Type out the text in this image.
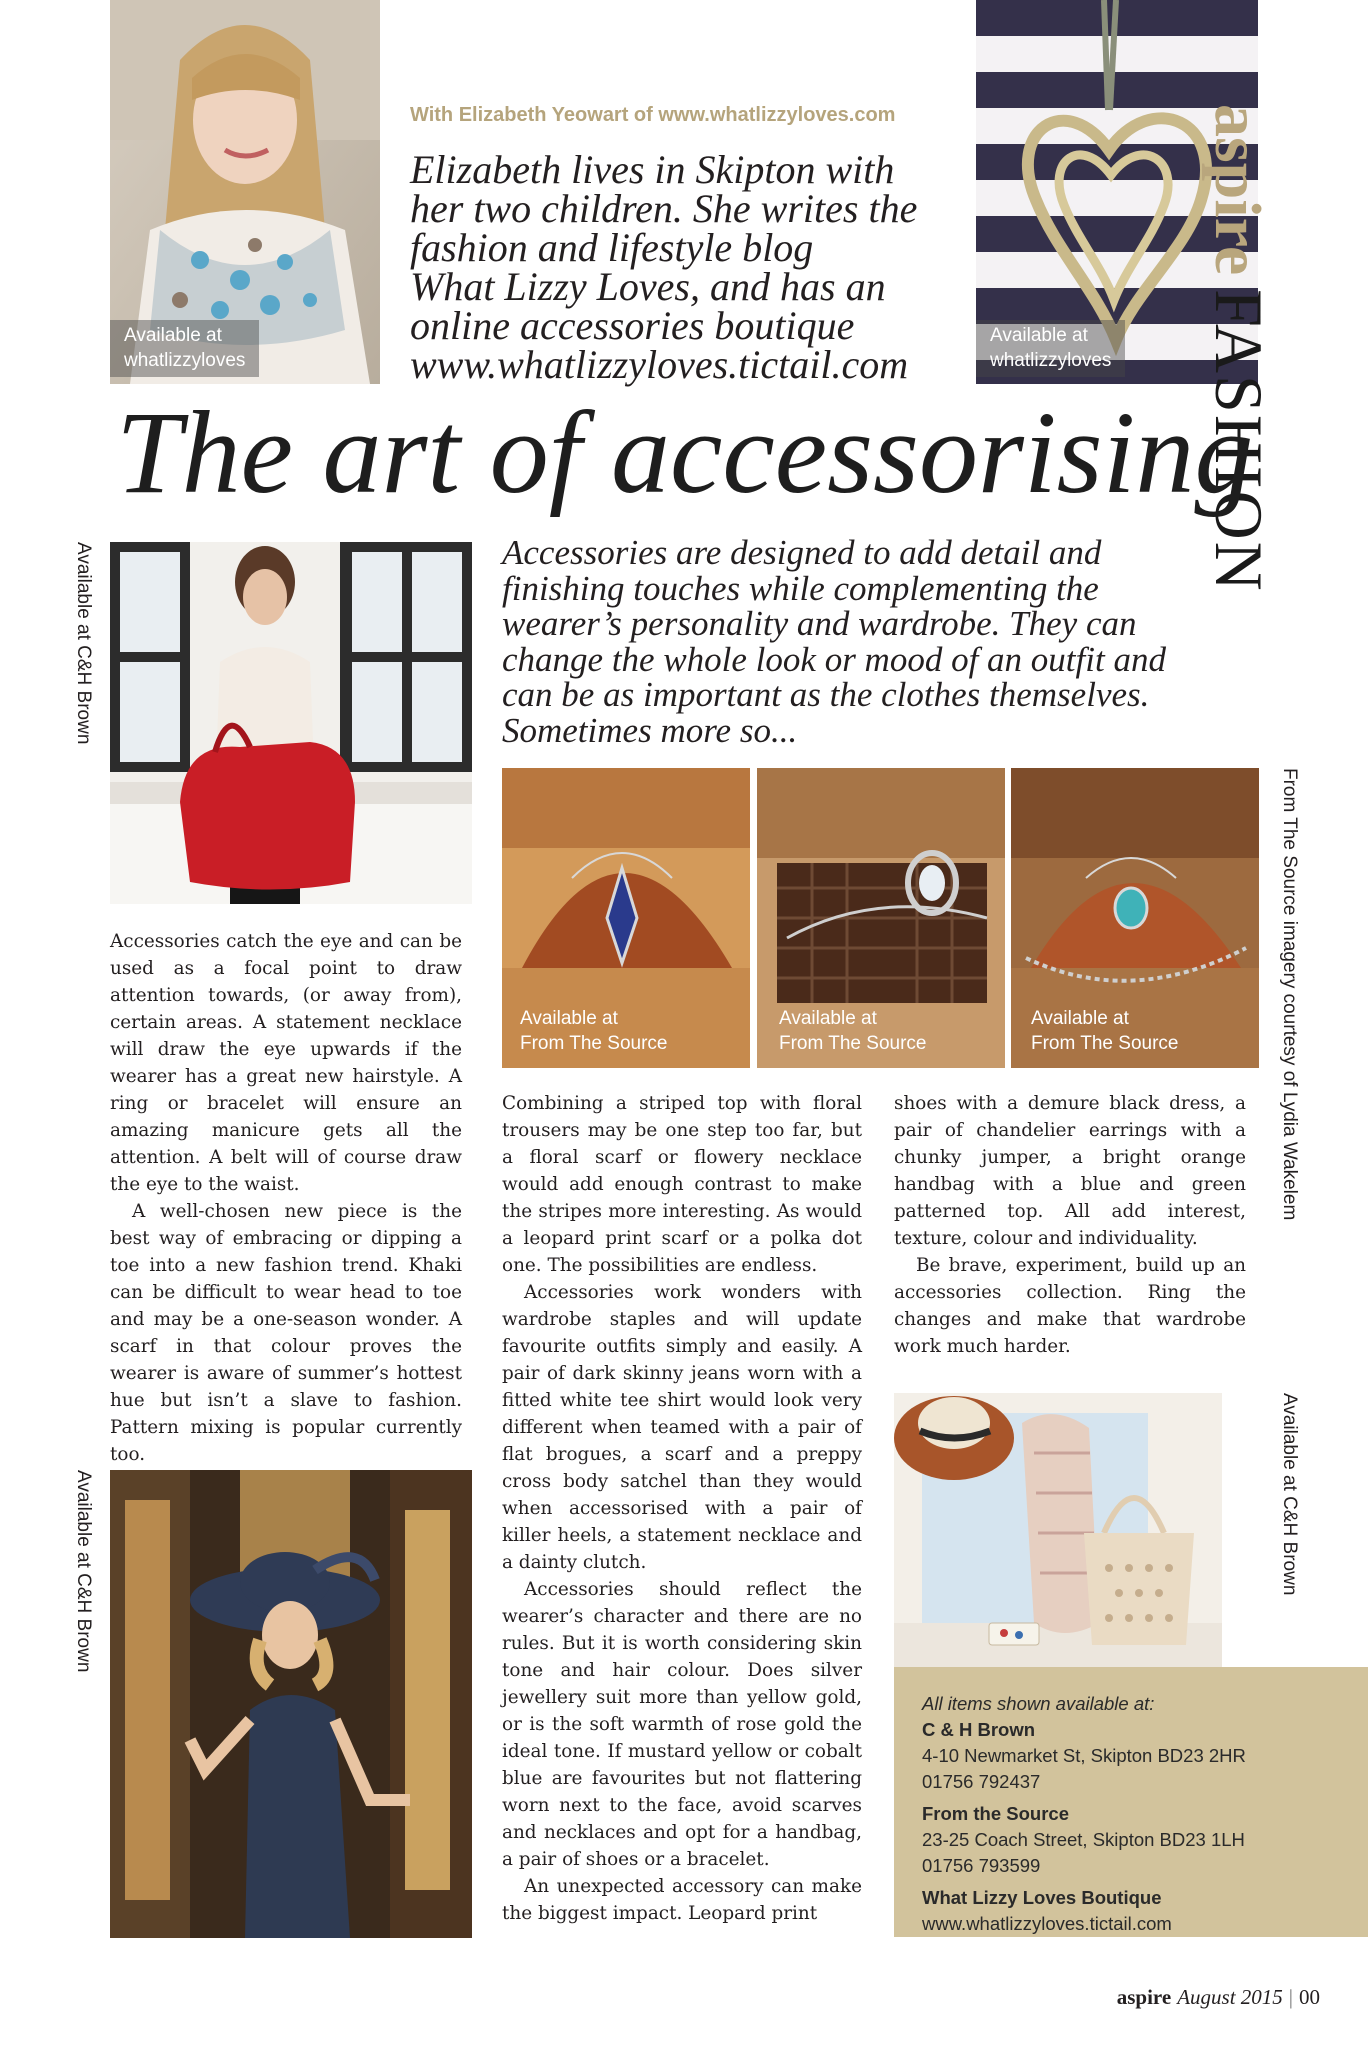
Available at
whatlizzyloves
With Elizabeth Yeowart of www.whatlizzyloves.com
Elizabeth lives in Skipton with
her two children. She writes the
fashion and lifestyle blog
What Lizzy Loves, and has an
online accessories boutique
www.whatlizzyloves.tictail.com
Available at
whatlizzyloves
aspireFASHION
The art of accessorising
Available at C&H Brown	Accessories are designed to add detail and
finishing touches while complementing the
wearer’s personality and wardrobe. They can
change the whole look or mood of an outfit and
can be as important as the clothes themselves.
Sometimes more so...
Available at
From The Source
Available at
From The Source
Available at
From The Source	From The Source imagery courtesy of Lydia Wakelem

Accessories catch the eye and can be used as a focal point to draw attention towards, (or away from), certain areas. A statement necklace will draw the eye upwards if the wearer has a great new hairstyle. A ring or bracelet will ensure an amazing manicure gets all the attention. A belt will of course draw the eye to the waist.

A well-chosen new piece is the best way of embracing or dipping a toe into a new fashion trend. Khaki can be difficult to wear head to toe and may be a one-season wonder. A scarf in that colour proves the wearer is aware of summer’s hottest hue but isn’t a slave to fashion. Pattern mixing is popular currently too.

Available at C&H Brown

Combining a striped top with floral trousers may be one step too far, but a floral scarf or flowery necklace would add enough contrast to make the stripes more interesting. As would a leopard print scarf or a polka dot one. The possibilities are endless.

Accessories work wonders with wardrobe staples and will update favourite outfits simply and easily. A pair of dark skinny jeans worn with a fitted white tee shirt would look very different when teamed with a pair of flat brogues, a scarf and a preppy cross body satchel than they would when accessorised with a pair of killer heels, a statement necklace and a dainty clutch.

Accessories should reflect the wearer’s character and there are no rules. But it is worth considering skin tone and hair colour. Does silver jewellery suit more than yellow gold, or is the soft warmth of rose gold the ideal tone. If mustard yellow or cobalt blue are favourites but not flattering worn next to the face, avoid scarves and necklaces and opt for a handbag, a pair of shoes or a bracelet.

An unexpected accessory can make the biggest impact. Leopard print

shoes with a demure black dress, a pair of chandelier earrings with a chunky jumper, a bright orange handbag with a blue and green patterned top. All add interest, texture, colour and individuality.

Be brave, experiment, build up an accessories collection. Ring the changes and make that wardrobe work much harder.

Available at C&H Brown
All items shown available at:
C & H Brown
4-10 Newmarket St, Skipton BD23 2HR
01756 792437
From the Source
23-25 Coach Street, Skipton BD23 1LH
01756 793599
What Lizzy Loves Boutique
www.whatlizzyloves.tictail.com
aspire August 2015 | 00
